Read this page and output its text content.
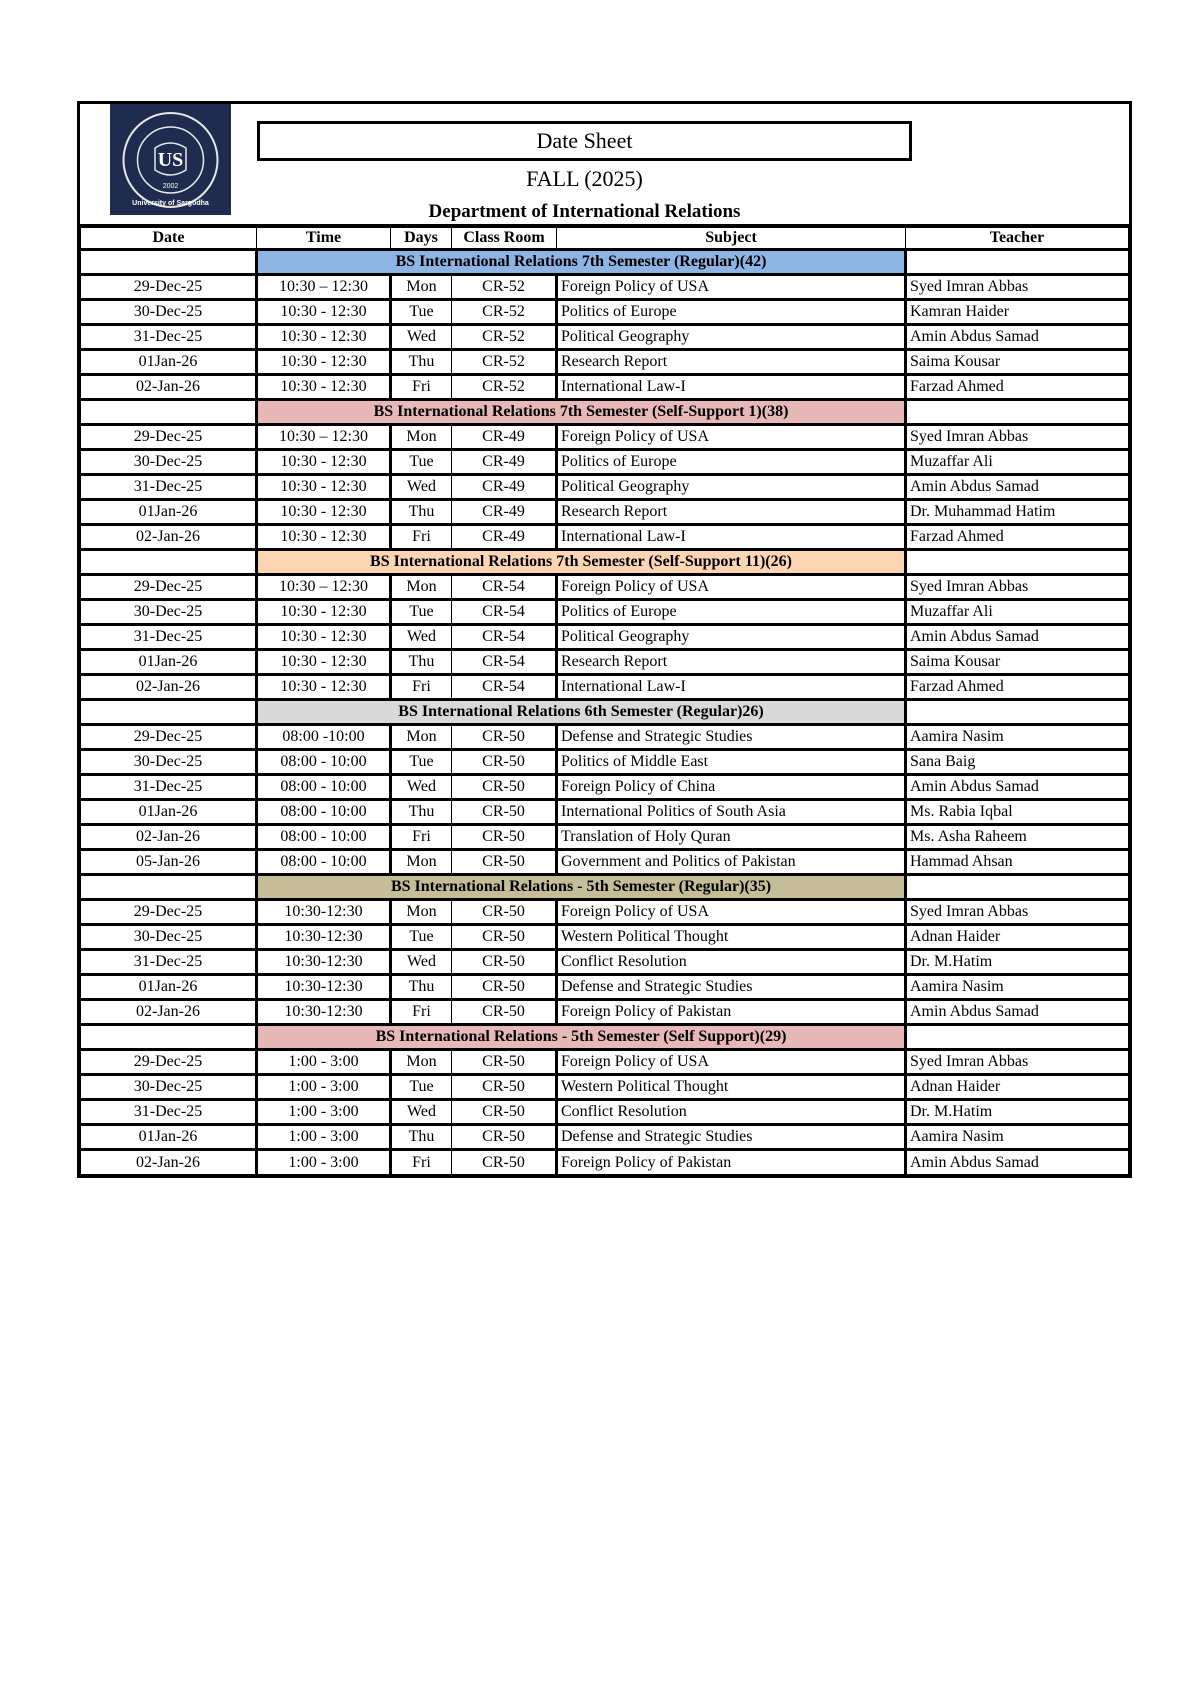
US
2002
University of Sargodha
Date Sheet
FALL (2025)
Department of International Relations
Date	Time	Days	Class Room	Subject	Teacher
	BS International Relations 7th Semester (Regular)(42)				
29-Dec-25	10:30 – 12:30	Mon	CR-52	Foreign Policy of USA	Syed Imran Abbas
30-Dec-25	10:30 - 12:30	Tue	CR-52	Politics of Europe	Kamran Haider
31-Dec-25	10:30 - 12:30	Wed	CR-52	Political Geography	Amin Abdus Samad
01Jan-26	10:30 - 12:30	Thu	CR-52	Research Report	Saima Kousar
02-Jan-26	10:30 - 12:30	Fri	CR-52	International Law-I	Farzad Ahmed
	BS International Relations 7th Semester (Self-Support 1)(38)				
29-Dec-25	10:30 – 12:30	Mon	CR-49	Foreign Policy of USA	Syed Imran Abbas
30-Dec-25	10:30 - 12:30	Tue	CR-49	Politics of Europe	Muzaffar Ali
31-Dec-25	10:30 - 12:30	Wed	CR-49	Political Geography	Amin Abdus Samad
01Jan-26	10:30 - 12:30	Thu	CR-49	Research Report	Dr. Muhammad Hatim
02-Jan-26	10:30 - 12:30	Fri	CR-49	International Law-I	Farzad Ahmed
	BS International Relations 7th Semester (Self-Support 11)(26)				
29-Dec-25	10:30 – 12:30	Mon	CR-54	Foreign Policy of USA	Syed Imran Abbas
30-Dec-25	10:30 - 12:30	Tue	CR-54	Politics of Europe	Muzaffar Ali
31-Dec-25	10:30 - 12:30	Wed	CR-54	Political Geography	Amin Abdus Samad
01Jan-26	10:30 - 12:30	Thu	CR-54	Research Report	Saima Kousar
02-Jan-26	10:30 - 12:30	Fri	CR-54	International Law-I	Farzad Ahmed
	BS International Relations 6th Semester (Regular)26)				
29-Dec-25	08:00 -10:00	Mon	CR-50	Defense and Strategic Studies	Aamira Nasim
30-Dec-25	08:00 - 10:00	Tue	CR-50	Politics of Middle East	Sana Baig
31-Dec-25	08:00 - 10:00	Wed	CR-50	Foreign Policy of China	Amin Abdus Samad
01Jan-26	08:00 - 10:00	Thu	CR-50	International Politics of South Asia	Ms. Rabia Iqbal
02-Jan-26	08:00 - 10:00	Fri	CR-50	Translation of Holy Quran	Ms. Asha Raheem
05-Jan-26	08:00 - 10:00	Mon	CR-50	Government and Politics of Pakistan	Hammad Ahsan
	BS International Relations - 5th Semester (Regular)(35)				
29-Dec-25	10:30-12:30	Mon	CR-50	Foreign Policy of USA	Syed Imran Abbas
30-Dec-25	10:30-12:30	Tue	CR-50	Western Political Thought	Adnan Haider
31-Dec-25	10:30-12:30	Wed	CR-50	Conflict Resolution	Dr. M.Hatim
01Jan-26	10:30-12:30	Thu	CR-50	Defense and Strategic Studies	Aamira Nasim
02-Jan-26	10:30-12:30	Fri	CR-50	Foreign Policy of Pakistan	Amin Abdus Samad
	BS International Relations - 5th Semester (Self Support)(29)				
29-Dec-25	1:00 - 3:00	Mon	CR-50	Foreign Policy of USA	Syed Imran Abbas
30-Dec-25	1:00 - 3:00	Tue	CR-50	Western Political Thought	Adnan Haider
31-Dec-25	1:00 - 3:00	Wed	CR-50	Conflict Resolution	Dr. M.Hatim
01Jan-26	1:00 - 3:00	Thu	CR-50	Defense and Strategic Studies	Aamira Nasim
02-Jan-26	1:00 - 3:00	Fri	CR-50	Foreign Policy of Pakistan	Amin Abdus Samad
